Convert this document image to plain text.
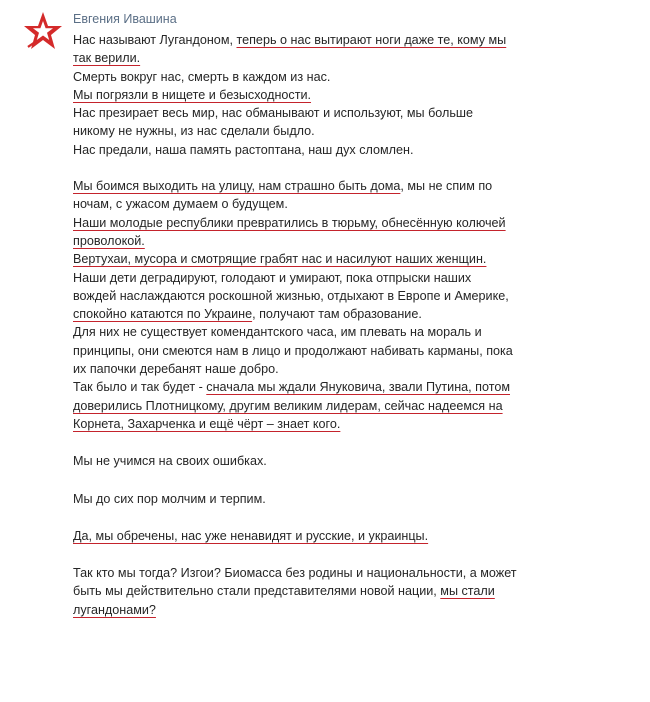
Евгения Ивашина

Нас называют Лугандоном, теперь о нас вытирают ноги даже те, кому мы

так верили.

Смерть вокруг нас, смерть в каждом из нас.

Мы погрязли в нищете и безысходности.

Нас презирает весь мир, нас обманывают и используют, мы больше

никому не нужны, из нас сделали быдло.

Нас предали, наша память растоптана, наш дух сломлен.

Мы боимся выходить на улицу, нам страшно быть дома, мы не спим по

ночам, с ужасом думаем о будущем.

Наши молодые республики превратились в тюрьму, обнесённую колючей

проволокой.

Вертухаи, мусора и смотрящие грабят нас и насилуют наших женщин.

Наши дети деградируют, голодают и умирают, пока отпрыски наших

вождей наслаждаются роскошной жизнью, отдыхают в Европе и Америке,

спокойно катаются по Украине, получают там образование.

Для них не существует комендантского часа, им плевать на мораль и

принципы, они смеются нам в лицо и продолжают набивать карманы, пока

их папочки деребанят наше добро.

Так было и так будет - сначала мы ждали Януковича, звали Путина, потом

доверились Плотницкому, другим великим лидерам, сейчас надеемся на

Корнета, Захарченка и ещё чёрт – знает кого.

Мы не учимся на своих ошибках.

Мы до сих пор молчим и терпим.

Да, мы обречены, нас уже ненавидят и русские, и украинцы.

Так кто мы тогда? Изгои? Биомасса без родины и национальности, а может

быть мы действительно стали представителями новой нации, мы стали

лугандонами?
